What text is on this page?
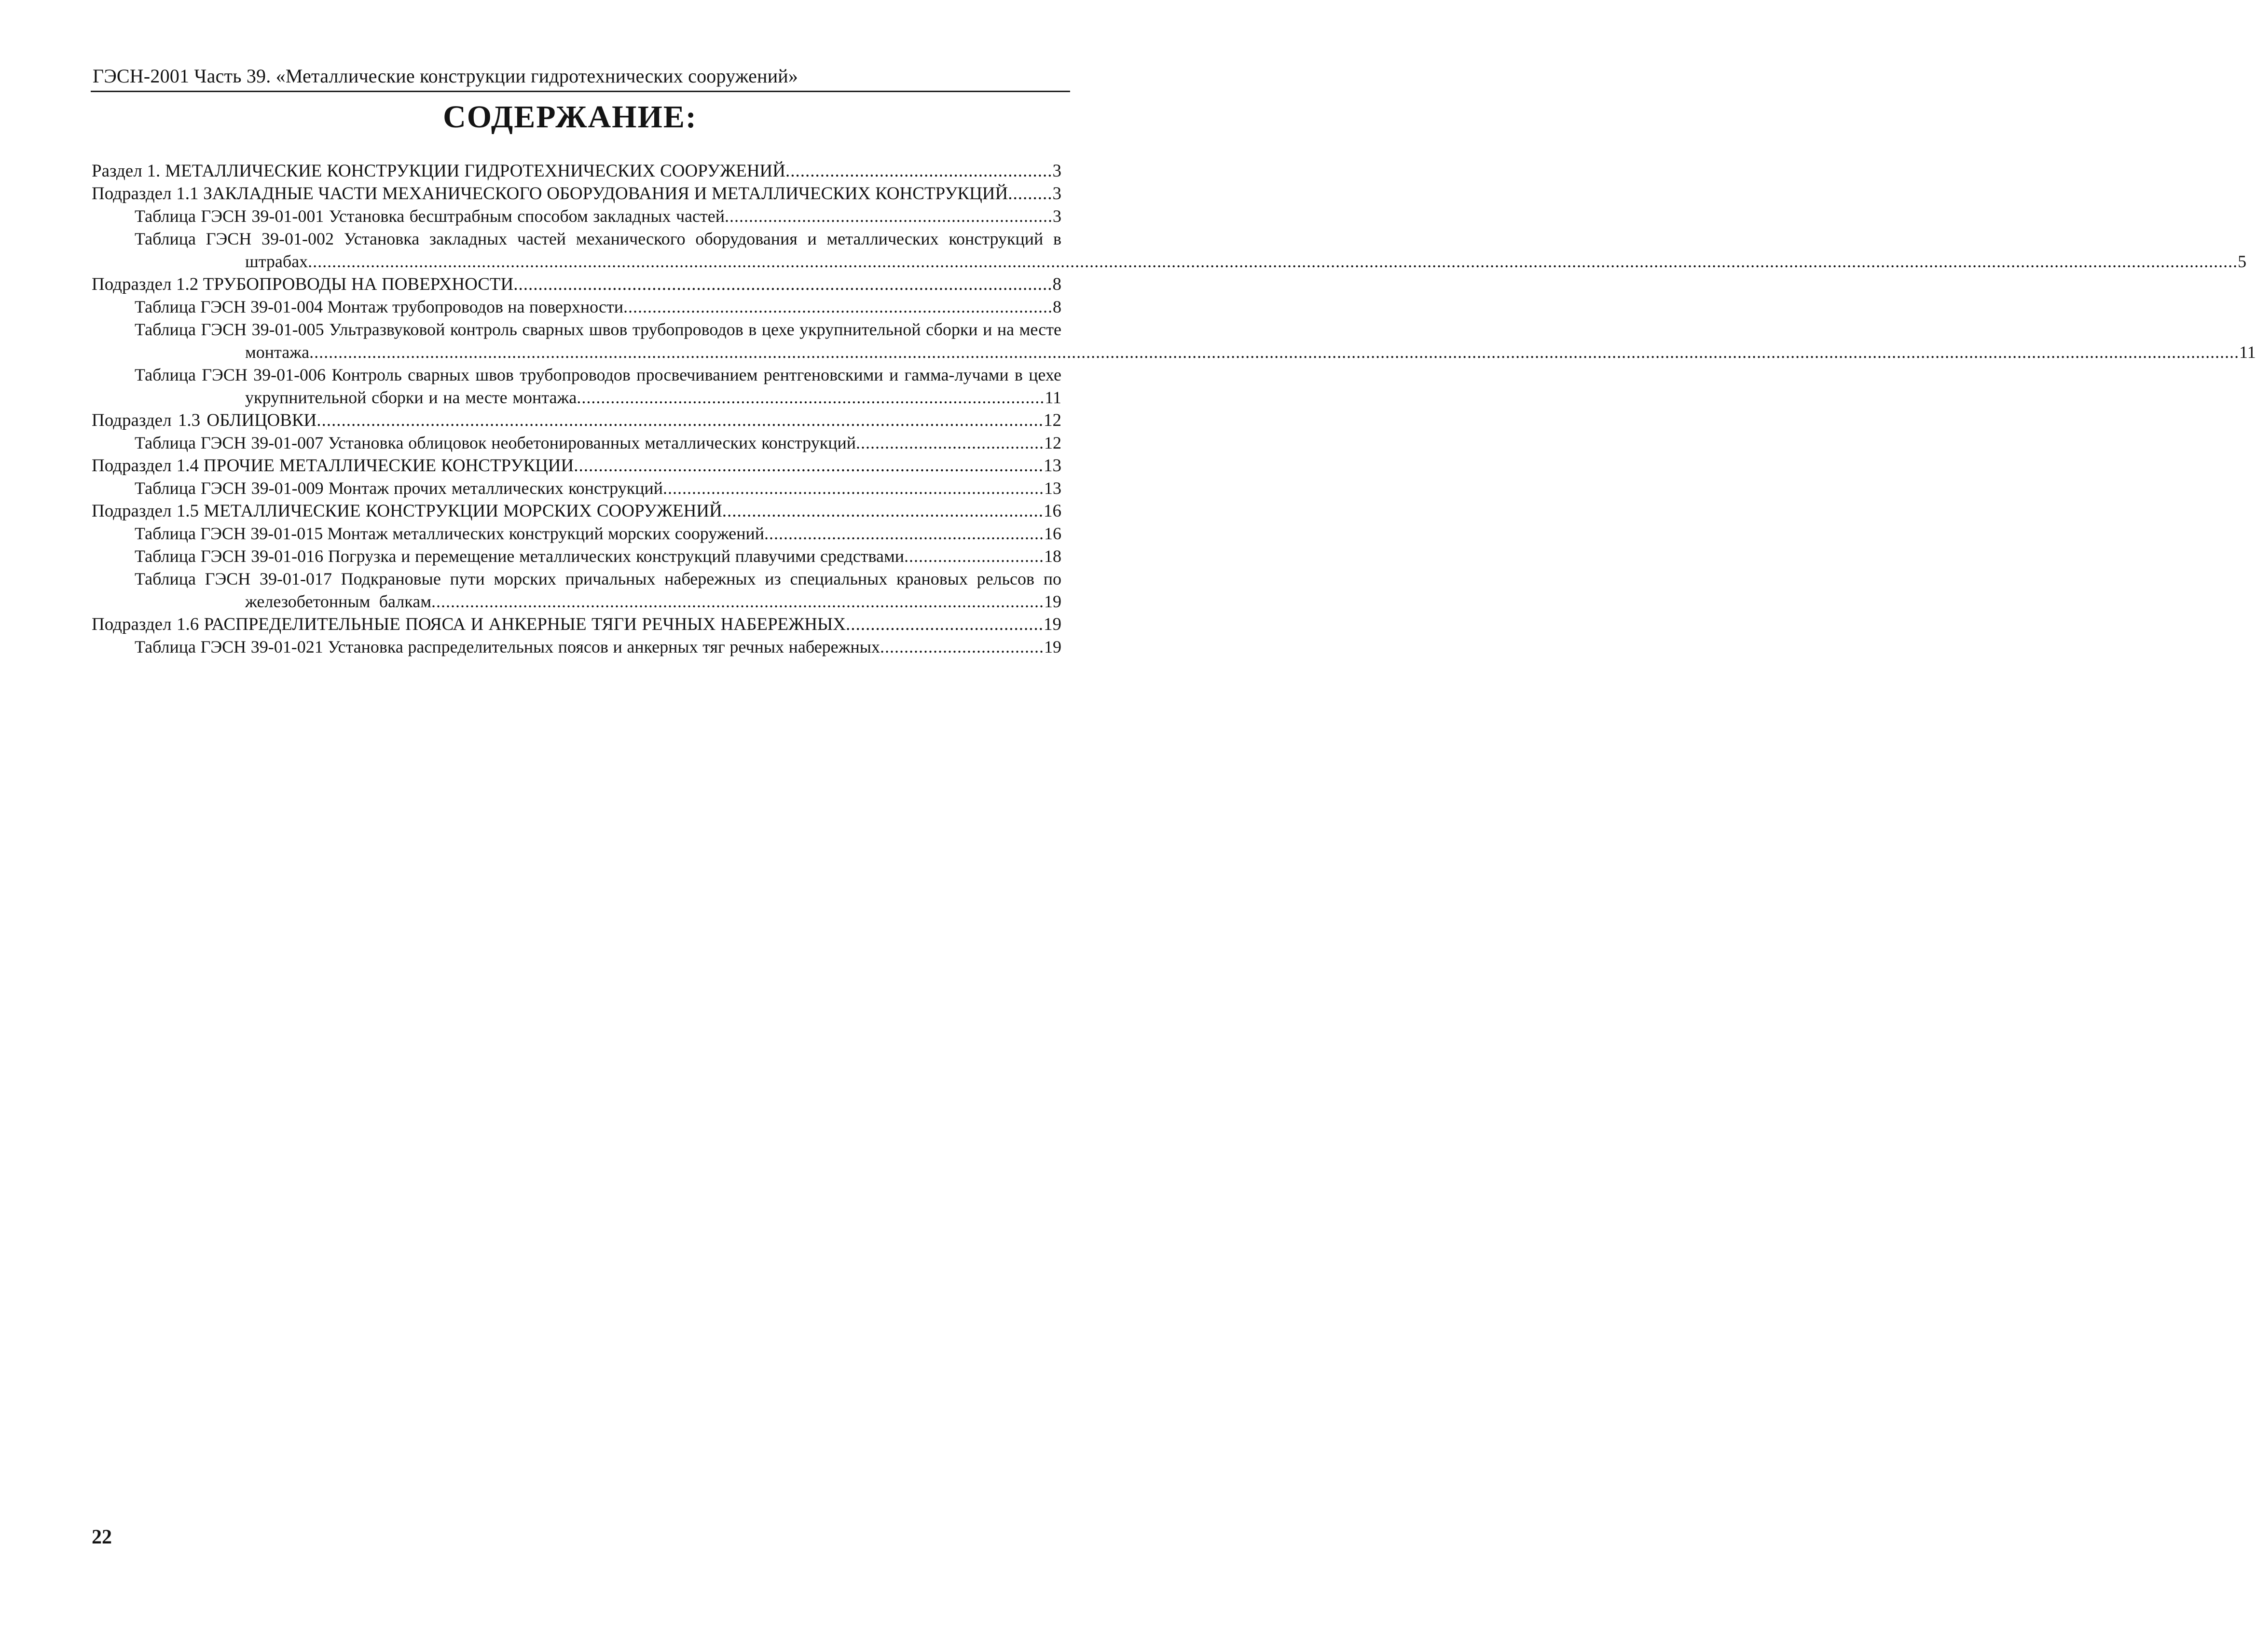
ГЭСН-2001 Часть 39. «Металлические конструкции гидротехнических сооружений»
СОДЕРЖАНИЕ:
Раздел 1. МЕТАЛЛИЧЕСКИЕ КОНСТРУКЦИИ ГИДРОТЕХНИЧЕСКИХ СООРУЖЕНИЙ......................................................3
Подраздел 1.1 ЗАКЛАДНЫЕ ЧАСТИ МЕХАНИЧЕСКОГО ОБОРУДОВАНИЯ И МЕТАЛЛИЧЕСКИХ КОНСТРУКЦИЙ.........3
Таблица ГЭСН 39-01-001 Установка бесштрабным способом закладных частей....................................................................3
Таблица ГЭСН 39-01-002 Установка закладных частей механического оборудования и металлических конструкций в штрабах................................................................................................................................................................................................................................................................................................................................................................................................................5
Подраздел 1.2 ТРУБОПРОВОДЫ НА ПОВЕРХНОСТИ.............................................................................................................8
Таблица ГЭСН 39-01-004 Монтаж трубопроводов на поверхности.........................................................................................8
Таблица ГЭСН 39-01-005 Ультразвуковой контроль сварных швов трубопроводов в цехе укрупнительной сборки и на месте монтажа................................................................................................................................................................................................................................................................................................................................................................................................................11
Таблица ГЭСН 39-01-006 Контроль сварных швов трубопроводов просвечиванием рентгеновскими и гамма-лучами в цехе укрупнительной сборки и на месте монтажа.................................................................................................11
Подраздел 1.3 ОБЛИЦОВКИ...................................................................................................................................................12
Таблица ГЭСН 39-01-007 Установка облицовок необетонированных металлических конструкций.......................................12
Подраздел 1.4 ПРОЧИЕ МЕТАЛЛИЧЕСКИЕ КОНСТРУКЦИИ...............................................................................................13
Таблица ГЭСН 39-01-009 Монтаж прочих металлических конструкций...............................................................................13
Подраздел 1.5 МЕТАЛЛИЧЕСКИЕ КОНСТРУКЦИИ МОРСКИХ СООРУЖЕНИЙ.................................................................16
Таблица ГЭСН 39-01-015 Монтаж металлических конструкций морских сооружений..........................................................16
Таблица ГЭСН 39-01-016 Погрузка и перемещение металлических конструкций плавучими средствами.............................18
Таблица ГЭСН 39-01-017 Подкрановые пути морских причальных набережных из специальных крановых рельсов по железобетонным балкам...............................................................................................................................19
Подраздел 1.6 РАСПРЕДЕЛИТЕЛЬНЫЕ ПОЯСА И АНКЕРНЫЕ ТЯГИ РЕЧНЫХ НАБЕРЕЖНЫХ........................................19
Таблица ГЭСН 39-01-021 Установка распределительных поясов и анкерных тяг речных набережных..................................19
22
